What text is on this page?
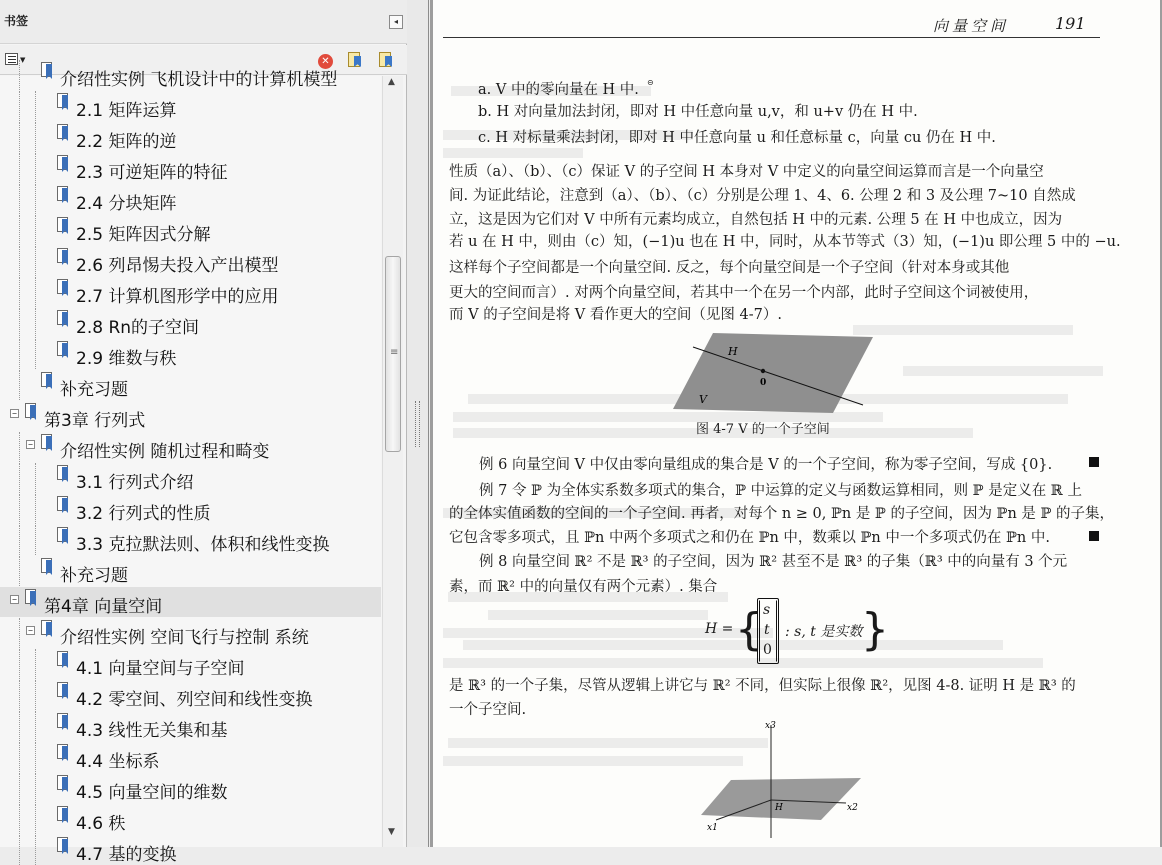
书签	◂
▼	✕
介绍性实例 飞机设计中的计算机模型
2.1 矩阵运算
2.2 矩阵的逆
2.3 可逆矩阵的特征
2.4 分块矩阵
2.5 矩阵因式分解
2.6 列昂惕夫投入产出模型
2.7 计算机图形学中的应用
2.8 Rn的子空间
2.9 维数与秩
补充习题
− 第3章 行列式
− 介绍性实例 随机过程和畸变
3.1 行列式介绍
3.2 行列式的性质
3.3 克拉默法则、体积和线性变换
补充习题
− 第4章 向量空间
− 介绍性实例 空间飞行与控制 系统
4.1 向量空间与子空间
4.2 零空间、列空间和线性变换
4.3 线性无关集和基
4.4 坐标系
4.5 向量空间的维数
4.6 秩
4.7 基的变换
▲
≡
▼
向量空间	191
a. V 中的零向量在 H 中.
b. H 对向量加法封闭，即对 H 中任意向量 u,v，和 u+v 仍在 H 中.
c. H 对标量乘法封闭，即对 H 中任意向量 u 和任意标量 c，向量 cu 仍在 H 中.
性质（a）、（b）、（c）保证 V 的子空间 H 本身对 V 中定义的向量空间运算而言是一个向量空
间. 为证此结论，注意到（a）、（b）、（c）分别是公理 1、4、6. 公理 2 和 3 及公理 7~10 自然成
立，这是因为它们对 V 中所有元素均成立，自然包括 H 中的元素. 公理 5 在 H 中也成立，因为
若 u 在 H 中，则由（c）知，(−1)u 也在 H 中，同时，从本节等式（3）知，(−1)u 即公理 5 中的 −u.
这样每个子空间都是一个向量空间. 反之，每个向量空间是一个子空间（针对本身或其他
更大的空间而言）. 对两个向量空间，若其中一个在另一个内部，此时子空间这个词被使用，
而 V 的子空间是将 V 看作更大的空间（见图 4-7）.
例 6 向量空间 V 中仅由零向量组成的集合是 V 的一个子空间，称为零子空间，写成 {0}.
例 7 令 ℙ 为全体实系数多项式的集合，ℙ 中运算的定义与函数运算相同，则 ℙ 是定义在 ℝ 上
的全体实值函数的空间的一个子空间. 再者，对每个 n ≥ 0, ℙn 是 ℙ 的子空间，因为 ℙn 是 ℙ 的子集，
它包含零多项式，且 ℙn 中两个多项式之和仍在 ℙn 中，数乘以 ℙn 中一个多项式仍在 ℙn 中.
例 8 向量空间 ℝ² 不是 ℝ³ 的子空间，因为 ℝ² 甚至不是 ℝ³ 的子集（ℝ³ 中的向量有 3 个元
素，而 ℝ² 中的向量仅有两个元素）. 集合
是 ℝ³ 的一个子集，尽管从逻辑上讲它与 ℝ² 不同，但实际上很像 ℝ²，见图 4-8. 证明 H 是 ℝ³ 的
一个子空间.
⊝
H
0
V
图 4-7 V 的一个子空间
H = { s
t
0
: s, t 是实数
}
x3
x2
x1
H
